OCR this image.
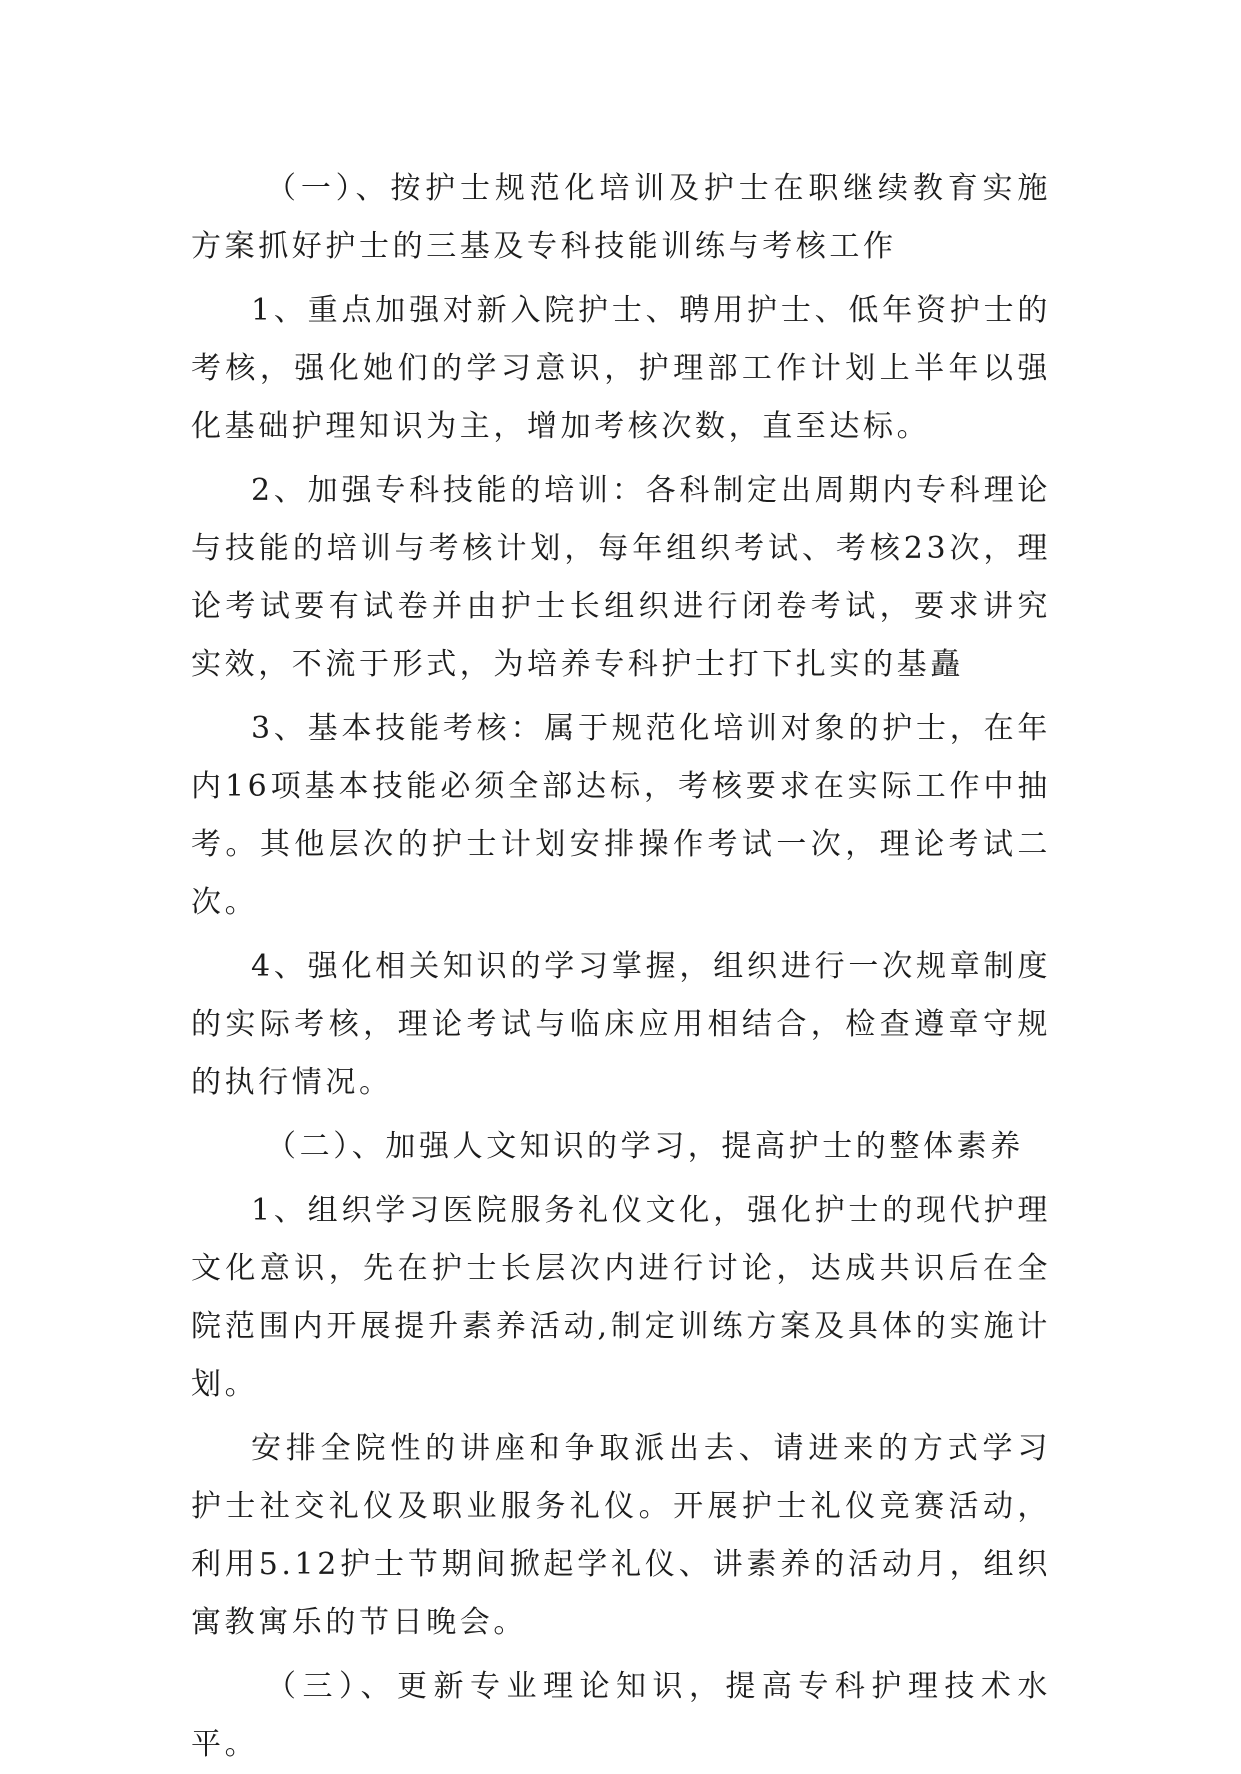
（一）、按护士规范化培训及护士在职继续教育实施方案抓好护士的三基及专科技能训练与考核工作

1、重点加强对新入院护士、聘用护士、低年资护士的考核，强化她们的学习意识，护理部工作计划上半年以强化基础护理知识为主，增加考核次数，直至达标。

2、加强专科技能的培训：各科制定出周期内专科理论与技能的培训与考核计划，每年组织考试、考核23次，理论考试要有试卷并由护士长组织进行闭卷考试，要求讲究实效，不流于形式，为培养专科护士打下扎实的基矗

3、基本技能考核：属于规范化培训对象的护士，在年内16项基本技能必须全部达标，考核要求在实际工作中抽考。其他层次的护士计划安排操作考试一次，理论考试二次。

4、强化相关知识的学习掌握，组织进行一次规章制度的实际考核，理论考试与临床应用相结合，检查遵章守规的执行情况。

（二）、加强人文知识的学习，提高护士的整体素养

1、组织学习医院服务礼仪文化，强化护士的现代护理文化意识，先在护士长层次内进行讨论，达成共识后在全院范围内开展提升素养活动,制定训练方案及具体的实施计划。

安排全院性的讲座和争取派出去、请进来的方式学习护士社交礼仪及职业服务礼仪。开展护士礼仪竞赛活动，利用5.12护士节期间掀起学礼仪、讲素养的活动月，组织寓教寓乐的节日晚会。

（三）、更新专业理论知识，提高专科护理技术水平。
